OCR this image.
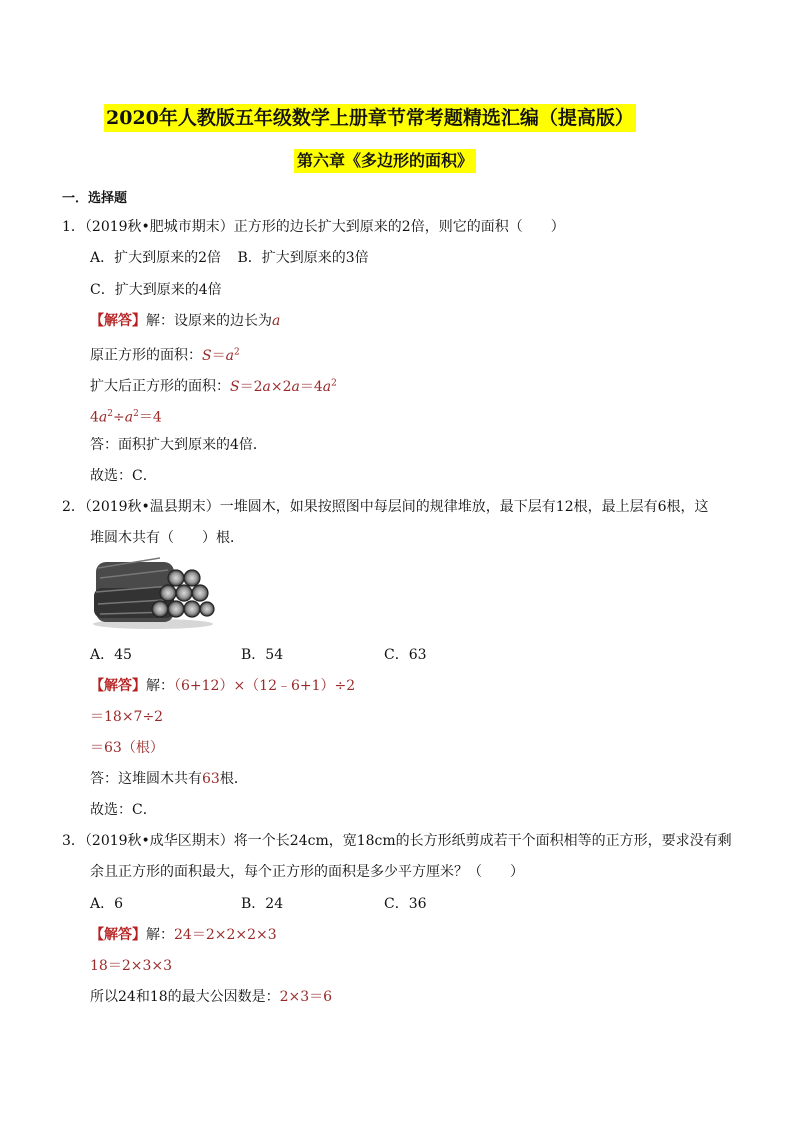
2020年人教版五年级数学上册章节常考题精选汇编（提高版）
第六章《多边形的面积》
一．选择题
1．（2019秋•肥城市期末）正方形的边长扩大到原来的2倍，则它的面积（　　）
A．扩大到原来的2倍 B．扩大到原来的3倍
C．扩大到原来的4倍
【解答】解：设原来的边长为a
原正方形的面积：$S=a^2$
扩大后正方形的面积：$S=2a\times 2a=4a^2$
$4a^2\div a^2=4$
答：面积扩大到原来的4倍．
故选：C．
2．（2019秋•温县期末）一堆圆木，如果按照图中每层间的规律堆放，最下层有12根，最上层有6根，这
堆圆木共有（　　）根．
A．45	B．54	C．63
【解答】解：（6+12）×（12﹣6+1）÷2
＝18×7÷2
＝63（根）
答：这堆圆木共有63根．
故选：C．
3．（2019秋•成华区期末）将一个长24cm，宽18cm的长方形纸剪成若干个面积相等的正方形，要求没有剩
余且正方形的面积最大，每个正方形的面积是多少平方厘米？（　　）
A．6	B．24	C．36
【解答】解：24＝2×2×2×3
18＝2×3×3
所以24和18的最大公因数是：2×3＝6
